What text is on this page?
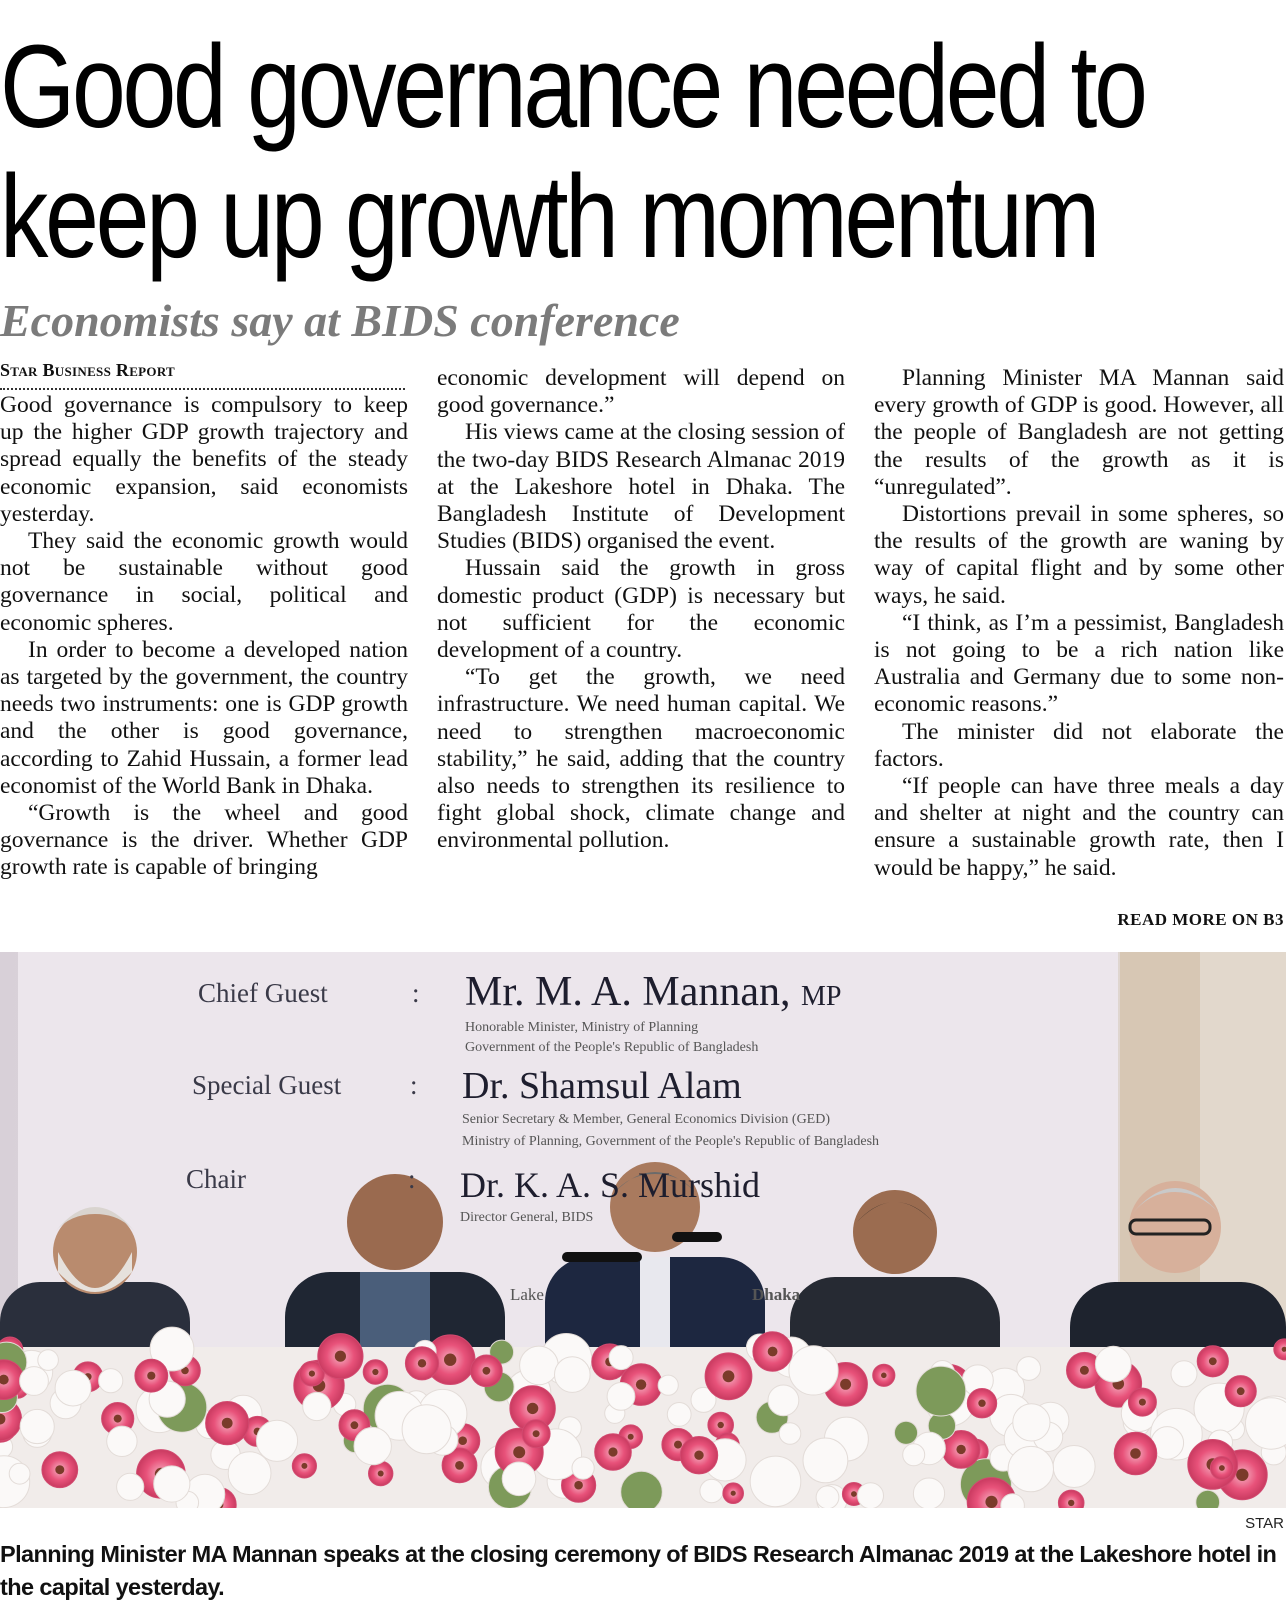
Good governance needed to
keep up growth momentum
Economists say at BIDS conference
Star Business Report

Good governance is compulsory to keep up the higher GDP growth trajectory and spread equally the benefits of the steady economic expansion, said economists yesterday.

They said the economic growth would not be sustainable without good governance in social, political and economic spheres.

In order to become a developed nation as targeted by the government, the country needs two instruments: one is GDP growth and the other is good governance, according to Zahid Hussain, a former lead economist of the World Bank in Dhaka.

“Growth is the wheel and good governance is the driver. Whether GDP growth rate is capable of bringing

economic development will depend on good governance.”

His views came at the closing session of the two-day BIDS Research Almanac 2019 at the Lakeshore hotel in Dhaka. The Bangladesh Institute of Development Studies (BIDS) organised the event.

Hussain said the growth in gross domestic product (GDP) is necessary but not sufficient for the economic development of a country.

“To get the growth, we need infrastructure. We need human capital. We need to strengthen macroeconomic stability,” he said, adding that the country also needs to strengthen its resilience to fight global shock, climate change and environmental pollution.

Planning Minister MA Mannan said every growth of GDP is good. However, all the people of Bangladesh are not getting the results of the growth as it is “unregulated”.

Distortions prevail in some spheres, so the results of the growth are waning by way of capital flight and by some other ways, he said.

“I think, as I’m a pessimist, Bangladesh is not going to be a rich nation like Australia and Germany due to some non-economic reasons.”

The minister did not elaborate the factors.

“If people can have three meals a day and shelter at night and the country can ensure a sustainable growth rate, then I would be happy,” he said.

READ MORE ON B3
Chief Guest	: Mr. M. A. Mannan, MP
Honorable Minister, Ministry of Planning
Government of the People's Republic of Bangladesh
Special Guest	: Dr. Shamsul Alam
Senior Secretary & Member, General Economics Division (GED)
Ministry of Planning, Government of the People's Republic of Bangladesh
Chair	: Dr. K. A. S. Murshid
Director General, BIDS
Lake	Dhaka
STAR
Planning Minister MA Mannan speaks at the closing ceremony of BIDS Research Almanac 2019 at the Lakeshore hotel in the capital yesterday.
